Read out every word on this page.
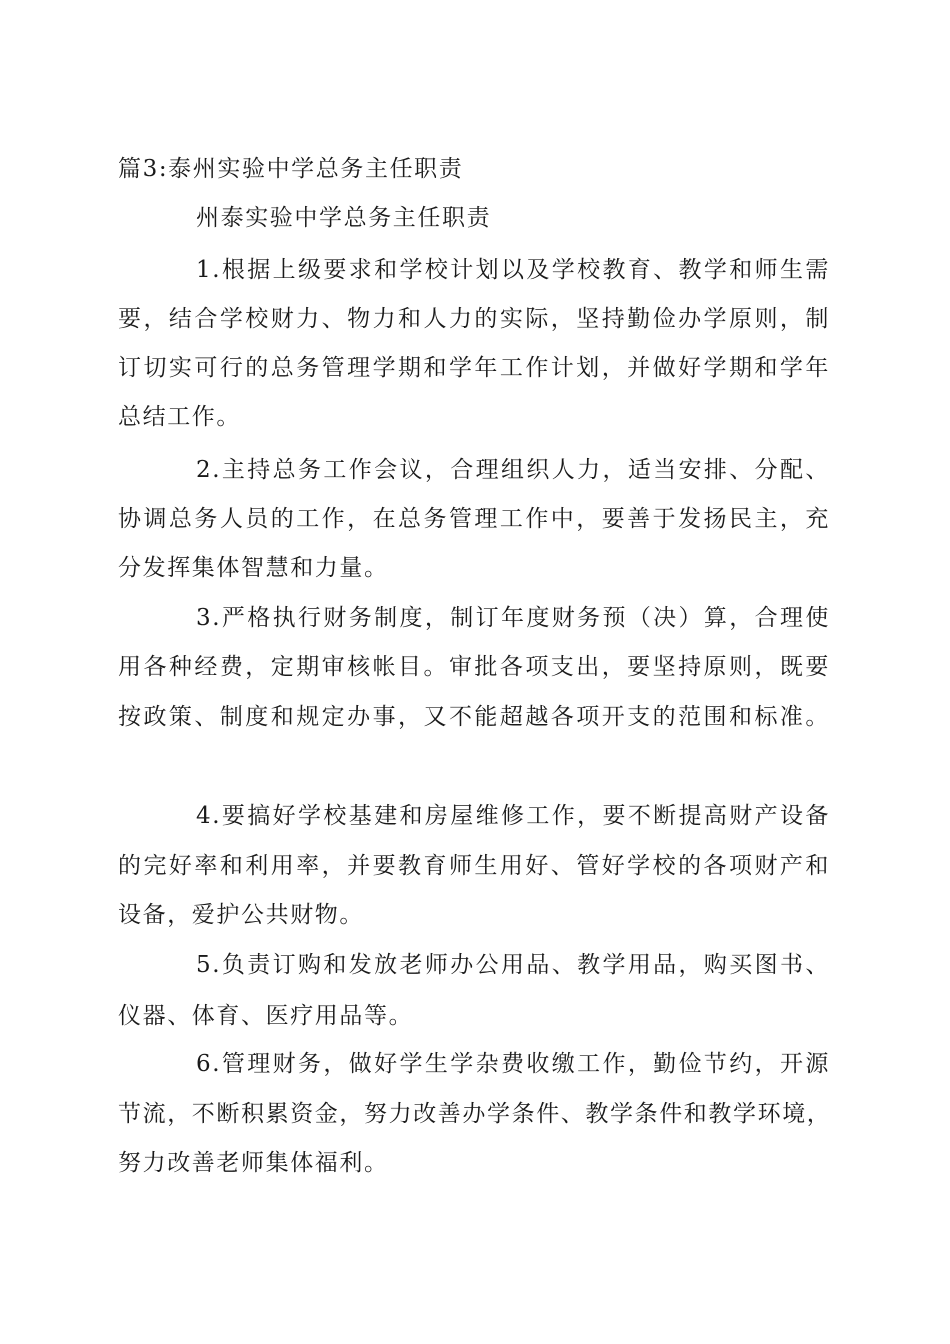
篇3:泰州实验中学总务主任职责
州泰实验中学总务主任职责
1.根据上级要求和学校计划以及学校教育、教学和师生需
要，结合学校财力、物力和人力的实际，坚持勤俭办学原则，制
订切实可行的总务管理学期和学年工作计划，并做好学期和学年
总结工作。
2.主持总务工作会议，合理组织人力，适当安排、分配、
协调总务人员的工作，在总务管理工作中，要善于发扬民主，充
分发挥集体智慧和力量。
3.严格执行财务制度，制订年度财务预（决）算，合理使
用各种经费，定期审核帐目。审批各项支出，要坚持原则，既要
按政策、制度和规定办事，又不能超越各项开支的范围和标准。
4.要搞好学校基建和房屋维修工作，要不断提高财产设备
的完好率和利用率，并要教育师生用好、管好学校的各项财产和
设备，爱护公共财物。
5.负责订购和发放老师办公用品、教学用品，购买图书、
仪器、体育、医疗用品等。
6.管理财务，做好学生学杂费收缴工作，勤俭节约，开源
节流，不断积累资金，努力改善办学条件、教学条件和教学环境，
努力改善老师集体福利。
